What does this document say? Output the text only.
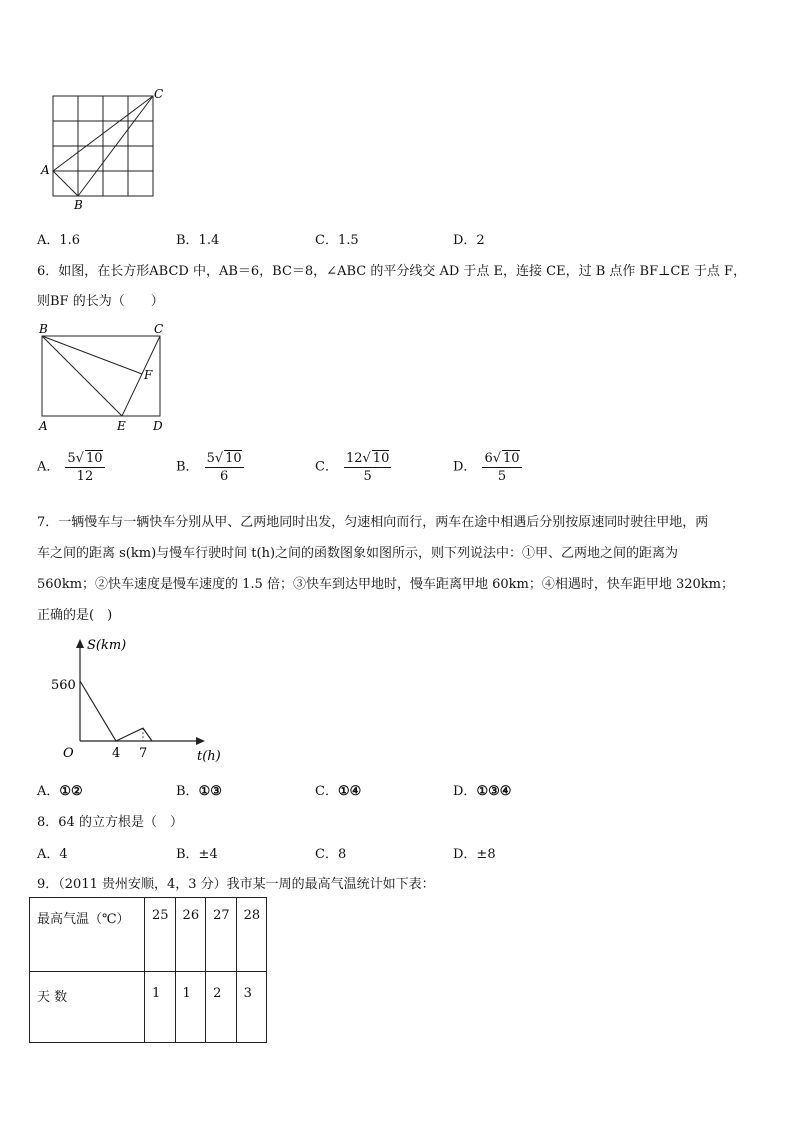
C
A
B
A．1.6	B．1.4	C．1.5	D．2
6．如图，在长方形ABCD 中，AB＝6，BC＝8，∠ABC 的平分线交 AD 于点 E，连接 CE，过 B 点作 BF⊥CE 于点 F，
则BF 的长为（　　）
B	C
F
A	E D
A． $\frac{5√ 10}{12}$	B． $\frac{5√ 10}{6}$	C． $\frac{12√ 10}{5}$	D． $\frac{6√ 10}{5}$
7．一辆慢车与一辆快车分别从甲、乙两地同时出发，匀速相向而行，两车在途中相遇后分别按原速同时驶往甲地，两
车之间的距离 s(km)与慢车行驶时间 t(h)之间的函数图象如图所示，则下列说法中：①甲、乙两地之间的距离为
560km；②快车速度是慢车速度的 1.5 倍；③快车到达甲地时，慢车距离甲地 60km；④相遇时，快车距甲地 320km；
正确的是(　)
S(km)
560
O	4 7	t(h)
A．①②	B．①③	C．①④	D．①③④
8．64 的立方根是（　）
A．4	B．±4	C．8	D．±8
9．（2011 贵州安顺，4，3 分）我市某一周的最高气温统计如下表：
最高气温（℃）	25	26	27	28
天 数	1	1	2	3
